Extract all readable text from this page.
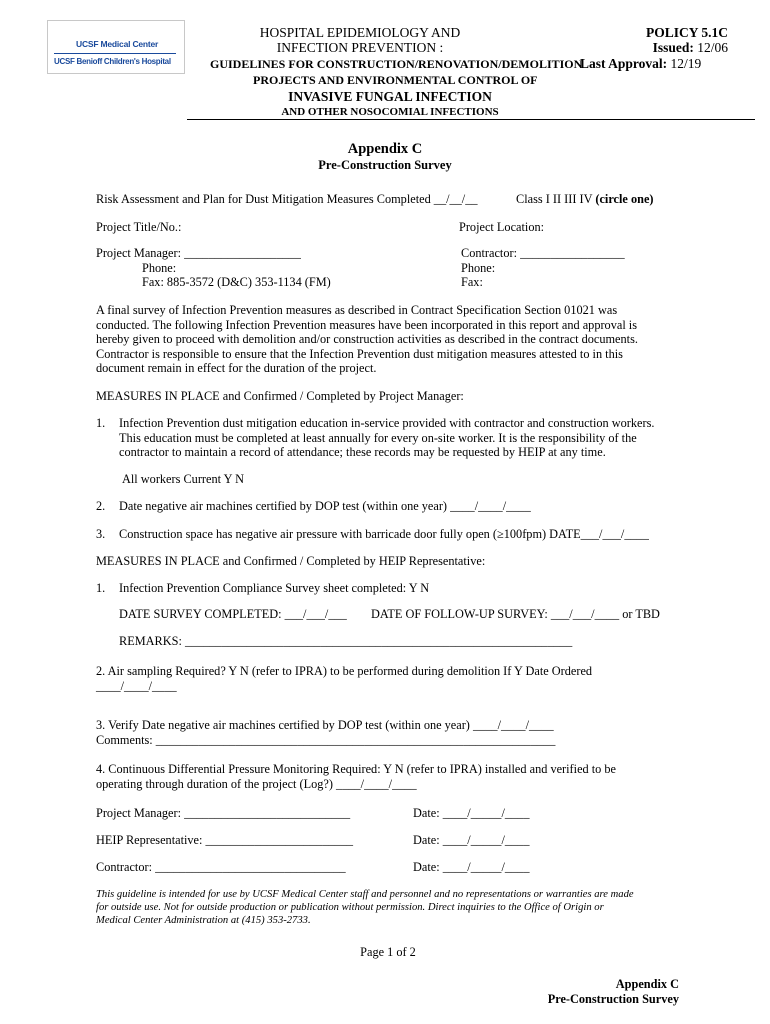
UCSF Medical Center
UCSF Benioff Children's Hospital
HOSPITAL EPIDEMIOLOGY AND
INFECTION PREVENTION :
GUIDELINES FOR CONSTRUCTION/RENOVATION/DEMOLITION
PROJECTS AND ENVIRONMENTAL CONTROL OF
INVASIVE FUNGAL INFECTION
AND OTHER NOSOCOMIAL INFECTIONS
POLICY 5.1C
Issued: 12/06
Last Approval: 12/19
Appendix C
Pre-Construction Survey
Risk Assessment and Plan for Dust Mitigation Measures Completed __/__/__	Class I II III IV (circle one)
Project Title/No.:	Project Location:
Project Manager: ___________________
Phone:
Fax: 885-3572 (D&C) 353-1134 (FM)
Contractor: _________________
Phone:
Fax:
A final survey of Infection Prevention measures as described in Contract Specification Section 01021 was
conducted. The following Infection Prevention measures have been incorporated in this report and approval is
hereby given to proceed with demolition and/or construction activities as described in the contract documents.
Contractor is responsible to ensure that the Infection Prevention dust mitigation measures attested to in this
document remain in effect for the duration of the project.
MEASURES IN PLACE and Confirmed / Completed by Project Manager:
1. Infection Prevention dust mitigation education in-service provided with contractor and construction workers.
This education must be completed at least annually for every on-site worker. It is the responsibility of the
contractor to maintain a record of attendance; these records may be requested by HEIP at any time.
All workers Current Y N
2. Date negative air machines certified by DOP test (within one year) ____/____/____
3. Construction space has negative air pressure with barricade door fully open (≥100fpm) DATE___/___/____
MEASURES IN PLACE and Confirmed / Completed by HEIP Representative:
1. Infection Prevention Compliance Survey sheet completed: Y N
DATE SURVEY COMPLETED: ___/___/___ DATE OF FOLLOW-UP SURVEY: ___/___/____ or TBD
REMARKS: _______________________________________________________________
2. Air sampling Required? Y N (refer to IPRA) to be performed during demolition If Y Date Ordered
____/____/____
3. Verify Date negative air machines certified by DOP test (within one year) ____/____/____
Comments: _________________________________________________________________
4. Continuous Differential Pressure Monitoring Required: Y N (refer to IPRA) installed and verified to be
operating through duration of the project (Log?) ____/____/____
Project Manager: ___________________________	Date: ____/_____/____
HEIP Representative: ________________________	Date: ____/_____/____
Contractor: _______________________________	Date: ____/_____/____
This guideline is intended for use by UCSF Medical Center staff and personnel and no representations or warranties are made
for outside use. Not for outside production or publication without permission. Direct inquiries to the Office of Origin or
Medical Center Administration at (415) 353-2733.
Page 1 of 2
Appendix C
Pre-Construction Survey
